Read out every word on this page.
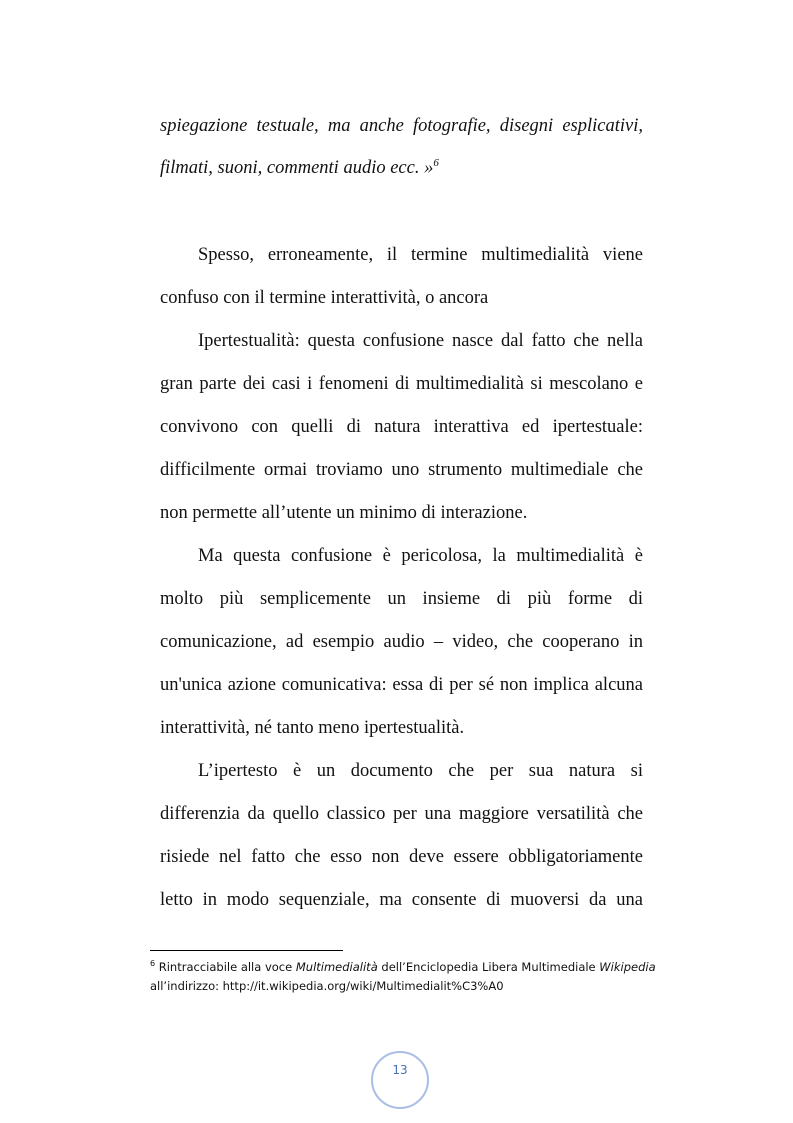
spiegazione testuale, ma anche fotografie, disegni esplicativi,
filmati, suoni, commenti audio ecc. »$^6$
Spesso, erroneamente, il termine multimedialità viene
confuso con il termine interattività, o ancora
Ipertestualità: questa confusione nasce dal fatto che nella
gran parte dei casi i fenomeni di multimedialità si mescolano e
convivono con quelli di natura interattiva ed ipertestuale:
difficilmente ormai troviamo uno strumento multimediale che
non permette all’utente un minimo di interazione.
Ma questa confusione è pericolosa, la multimedialità è
molto più semplicemente un insieme di più forme di
comunicazione, ad esempio audio – video, che cooperano in
un'unica azione comunicativa: essa di per sé non implica alcuna
interattività, né tanto meno ipertestualità.
L’ipertesto è un documento che per sua natura si
differenzia da quello classico per una maggiore versatilità che
risiede nel fatto che esso non deve essere obbligatoriamente
letto in modo sequenziale, ma consente di muoversi da una
$^6$ Rintracciabile alla voce Multimedialità dell’Enciclopedia Libera Multimediale Wikipedia
all’indirizzo: http://it.wikipedia.org/wiki/Multimedialit%C3%A0
13
